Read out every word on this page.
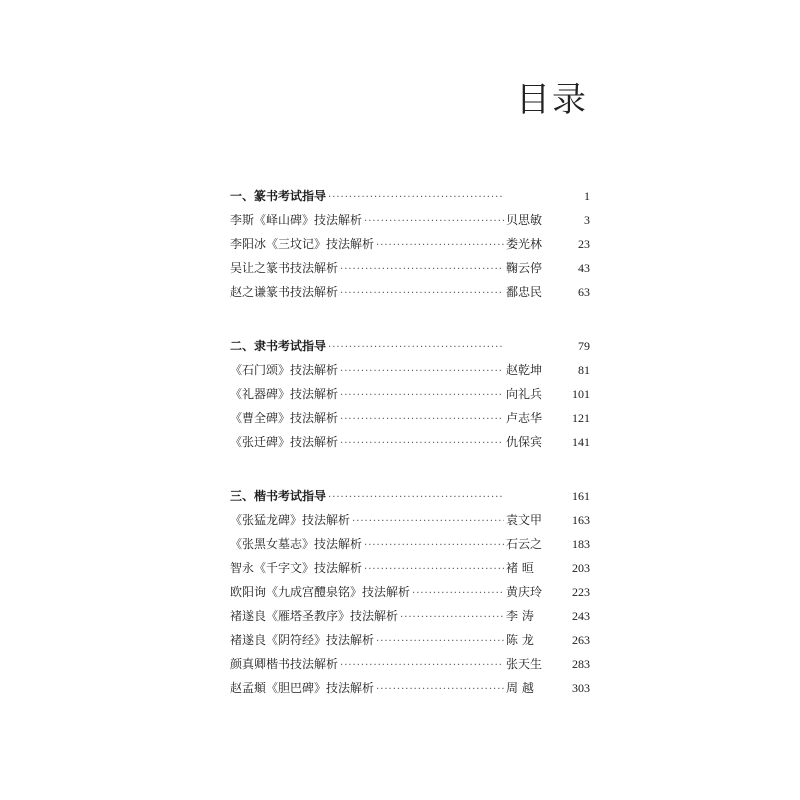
目录
一、篆书考试指导 ·····	1
李斯《峄山碑》技法解析 ·····	贝思敏	3
李阳冰《三坟记》技法解析 ·····	娄光林	23
吴让之篆书技法解析 ·····	鞠云停	43
赵之谦篆书技法解析 ·····	鄱忠民	63
二、隶书考试指导 ·····	79
《石门颂》技法解析 ·····	赵乾坤	81
《礼器碑》技法解析 ·····	向礼兵	101
《曹全碑》技法解析 ·····	卢志华	121
《张迁碑》技法解析 ·····	仇保宾	141
三、楷书考试指导 ·····	161
《张猛龙碑》技法解析 ·····	袁文甲	163
《张黑女墓志》技法解析 ·····	石云之	183
智永《千字文》技法解析 ·····	褚 晅	203
欧阳询《九成宫醴泉铭》技法解析 ·····	黄庆玲	223
褚遂良《雁塔圣教序》技法解析 ·····	李 涛	243
褚遂良《阴符经》技法解析 ·····	陈 龙	263
颜真卿楷书技法解析 ·····	张天生	283
赵孟頫《胆巴碑》技法解析 ·····	周 越	303
